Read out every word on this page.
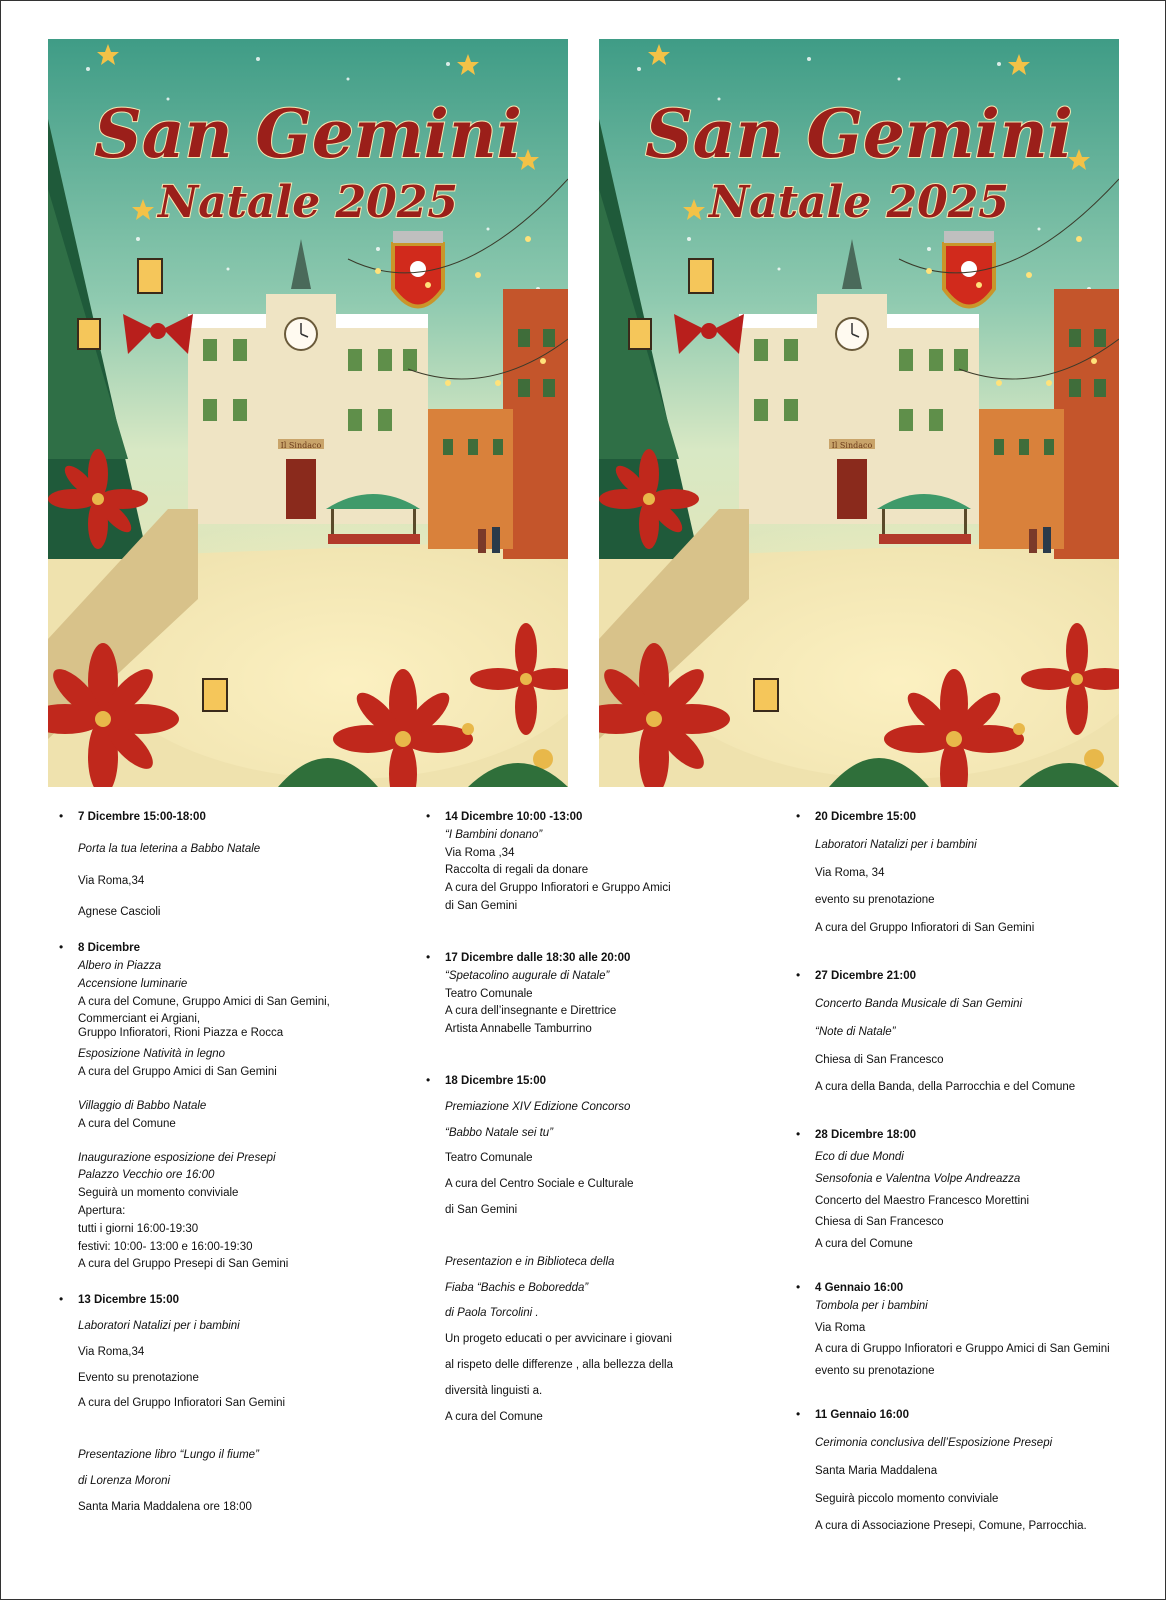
Il Sindaco
San Gemini
Natale 2025
Il Sindaco
San Gemini
Natale 2025
• 7 Dicembre 15:00-18:00
Porta la tua leterina a Babbo Natale
Via Roma,34
Agnese Cascioli
• 8 Dicembre
Albero in Piazza
Accensione luminarie
A cura del Comune, Gruppo Amici di San Gemini,
Commerciant ei Argiani,
Gruppo Infioratori, Rioni Piazza e Rocca
Esposizione Natività in legno
A cura del Gruppo Amici di San Gemini
Villaggio di Babbo Natale
A cura del Comune
Inaugurazione esposizione dei Presepi
Palazzo Vecchio ore 16:00
Seguirà un momento conviviale
Apertura:
tutti i giorni 16:00-19:30
festivi: 10:00- 13:00 e 16:00-19:30
A cura del Gruppo Presepi di San Gemini
• 13 Dicembre 15:00
Laboratori Natalizi per i bambini
Via Roma,34
Evento su prenotazione
A cura del Gruppo Infioratori San Gemini
Presentazione libro “Lungo il fiume”
di Lorenza Moroni
Santa Maria Maddalena ore 18:00
• 14 Dicembre 10:00 -13:00
“I Bambini donano”
Via Roma ,34
Raccolta di regali da donare
A cura del Gruppo Infioratori e Gruppo Amici
di San Gemini
• 17 Dicembre dalle 18:30 alle 20:00
“Spetacolino augurale di Natale”
Teatro Comunale
A cura dell’insegnante e Direttrice
Artista Annabelle Tamburrino
• 18 Dicembre 15:00
Premiazione XIV Edizione Concorso
“Babbo Natale sei tu”
Teatro Comunale
A cura del Centro Sociale e Culturale
di San Gemini
Presentazion e in Biblioteca della
Fiaba “Bachis e Boboredda”
di Paola Torcolini .
Un progeto educati o per avvicinare i giovani
al rispeto delle differenze , alla bellezza della
diversità linguisti a.
A cura del Comune
• 20 Dicembre 15:00
Laboratori Natalizi per i bambini
Via Roma, 34
evento su prenotazione
A cura del Gruppo Infioratori di San Gemini
• 27 Dicembre 21:00
Concerto Banda Musicale di San Gemini
“Note di Natale”
Chiesa di San Francesco
A cura della Banda, della Parrocchia e del Comune
• 28 Dicembre 18:00
Eco di due Mondi
Sensofonia e Valentna Volpe Andreazza
Concerto del Maestro Francesco Morettini
Chiesa di San Francesco
A cura del Comune
• 4 Gennaio 16:00
Tombola per i bambini
Via Roma
A cura di Gruppo Infioratori e Gruppo Amici di San Gemini
evento su prenotazione
• 11 Gennaio 16:00
Cerimonia conclusiva dell’Esposizione Presepi
Santa Maria Maddalena
Seguirà piccolo momento conviviale
A cura di Associazione Presepi, Comune, Parrocchia.
